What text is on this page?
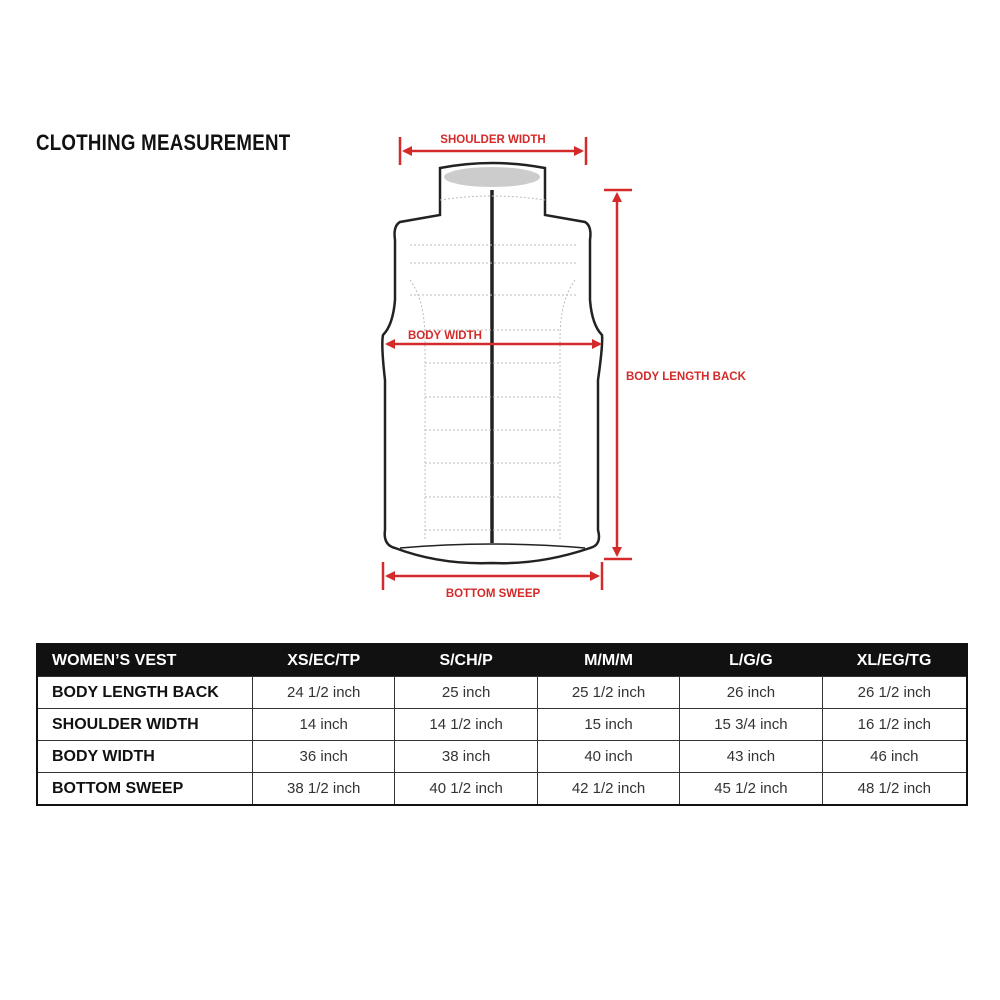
CLOTHING MEASUREMENT	SHOULDER WIDTH
BODY WIDTH
BODY LENGTH BACK
BOTTOM SWEEP
WOMEN’S VEST	XS/EC/TP	S/CH/P	M/M/M	L/G/G	XL/EG/TG
BODY LENGTH BACK	24 1/2 inch	25 inch	25 1/2 inch	26 inch	26 1/2 inch
SHOULDER WIDTH	14 inch	14 1/2 inch	15 inch	15 3/4 inch	16 1/2 inch
BODY WIDTH	36 inch	38 inch	40 inch	43 inch	46 inch
BOTTOM SWEEP	38 1/2 inch	40 1/2 inch	42 1/2 inch	45 1/2 inch	48 1/2 inch
